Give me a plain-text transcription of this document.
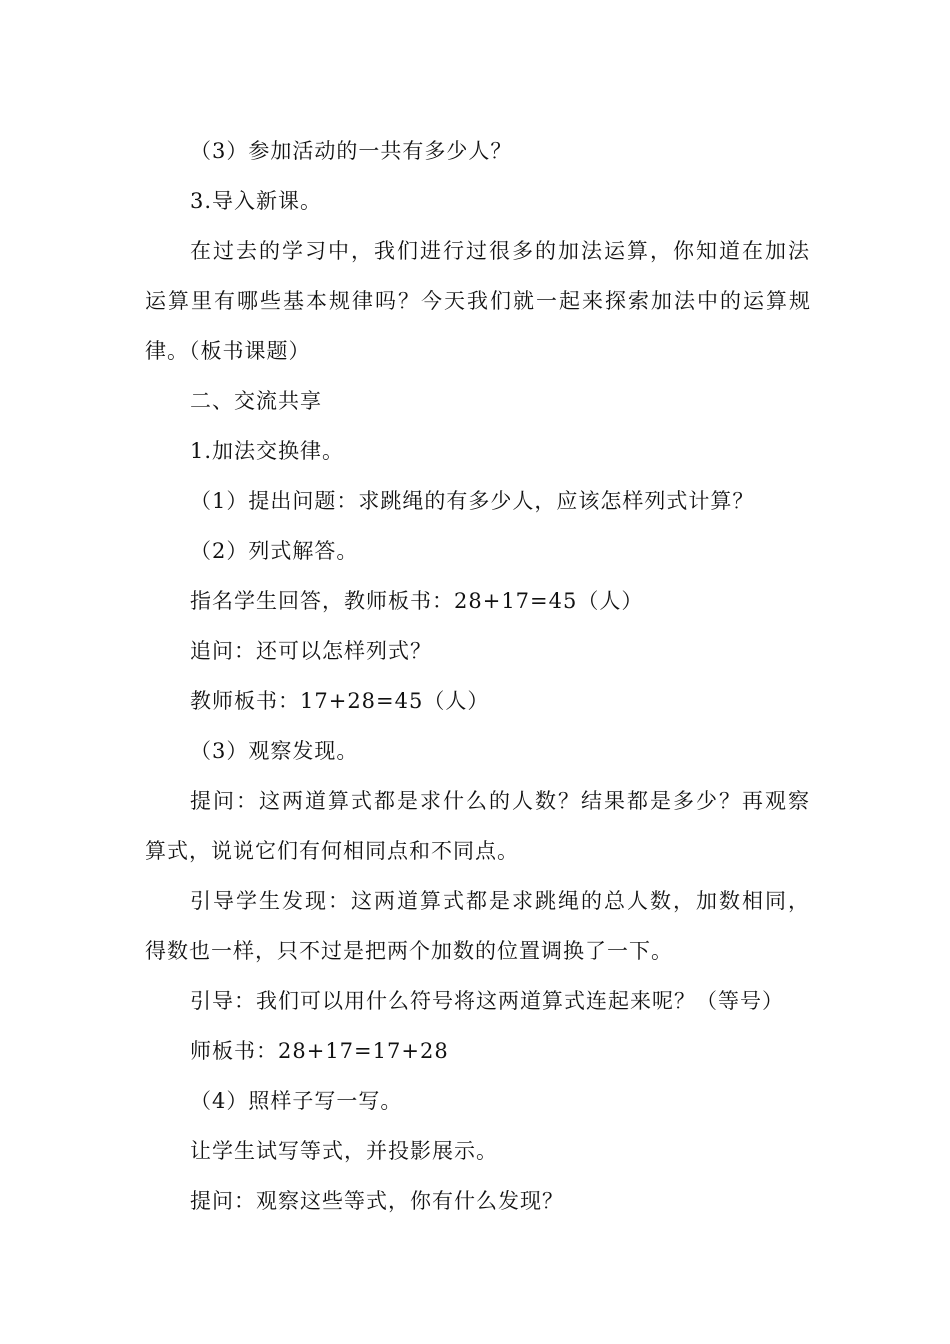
（3）参加活动的一共有多少人？
3.导入新课。
在过去的学习中，我们进行过很多的加法运算，你知道在加法
运算里有哪些基本规律吗？今天我们就一起来探索加法中的运算规
律。（板书课题）
二、交流共享
1.加法交换律。
（1）提出问题：求跳绳的有多少人，应该怎样列式计算？
（2）列式解答。
指名学生回答，教师板书：28+17=45（人）
追问：还可以怎样列式？
教师板书：17+28=45（人）
（3）观察发现。
提问：这两道算式都是求什么的人数？结果都是多少？再观察
算式，说说它们有何相同点和不同点。
引导学生发现：这两道算式都是求跳绳的总人数，加数相同，
得数也一样，只不过是把两个加数的位置调换了一下。
引导：我们可以用什么符号将这两道算式连起来呢？（等号）
师板书：28+17=17+28
（4）照样子写一写。
让学生试写等式，并投影展示。
提问：观察这些等式，你有什么发现？
